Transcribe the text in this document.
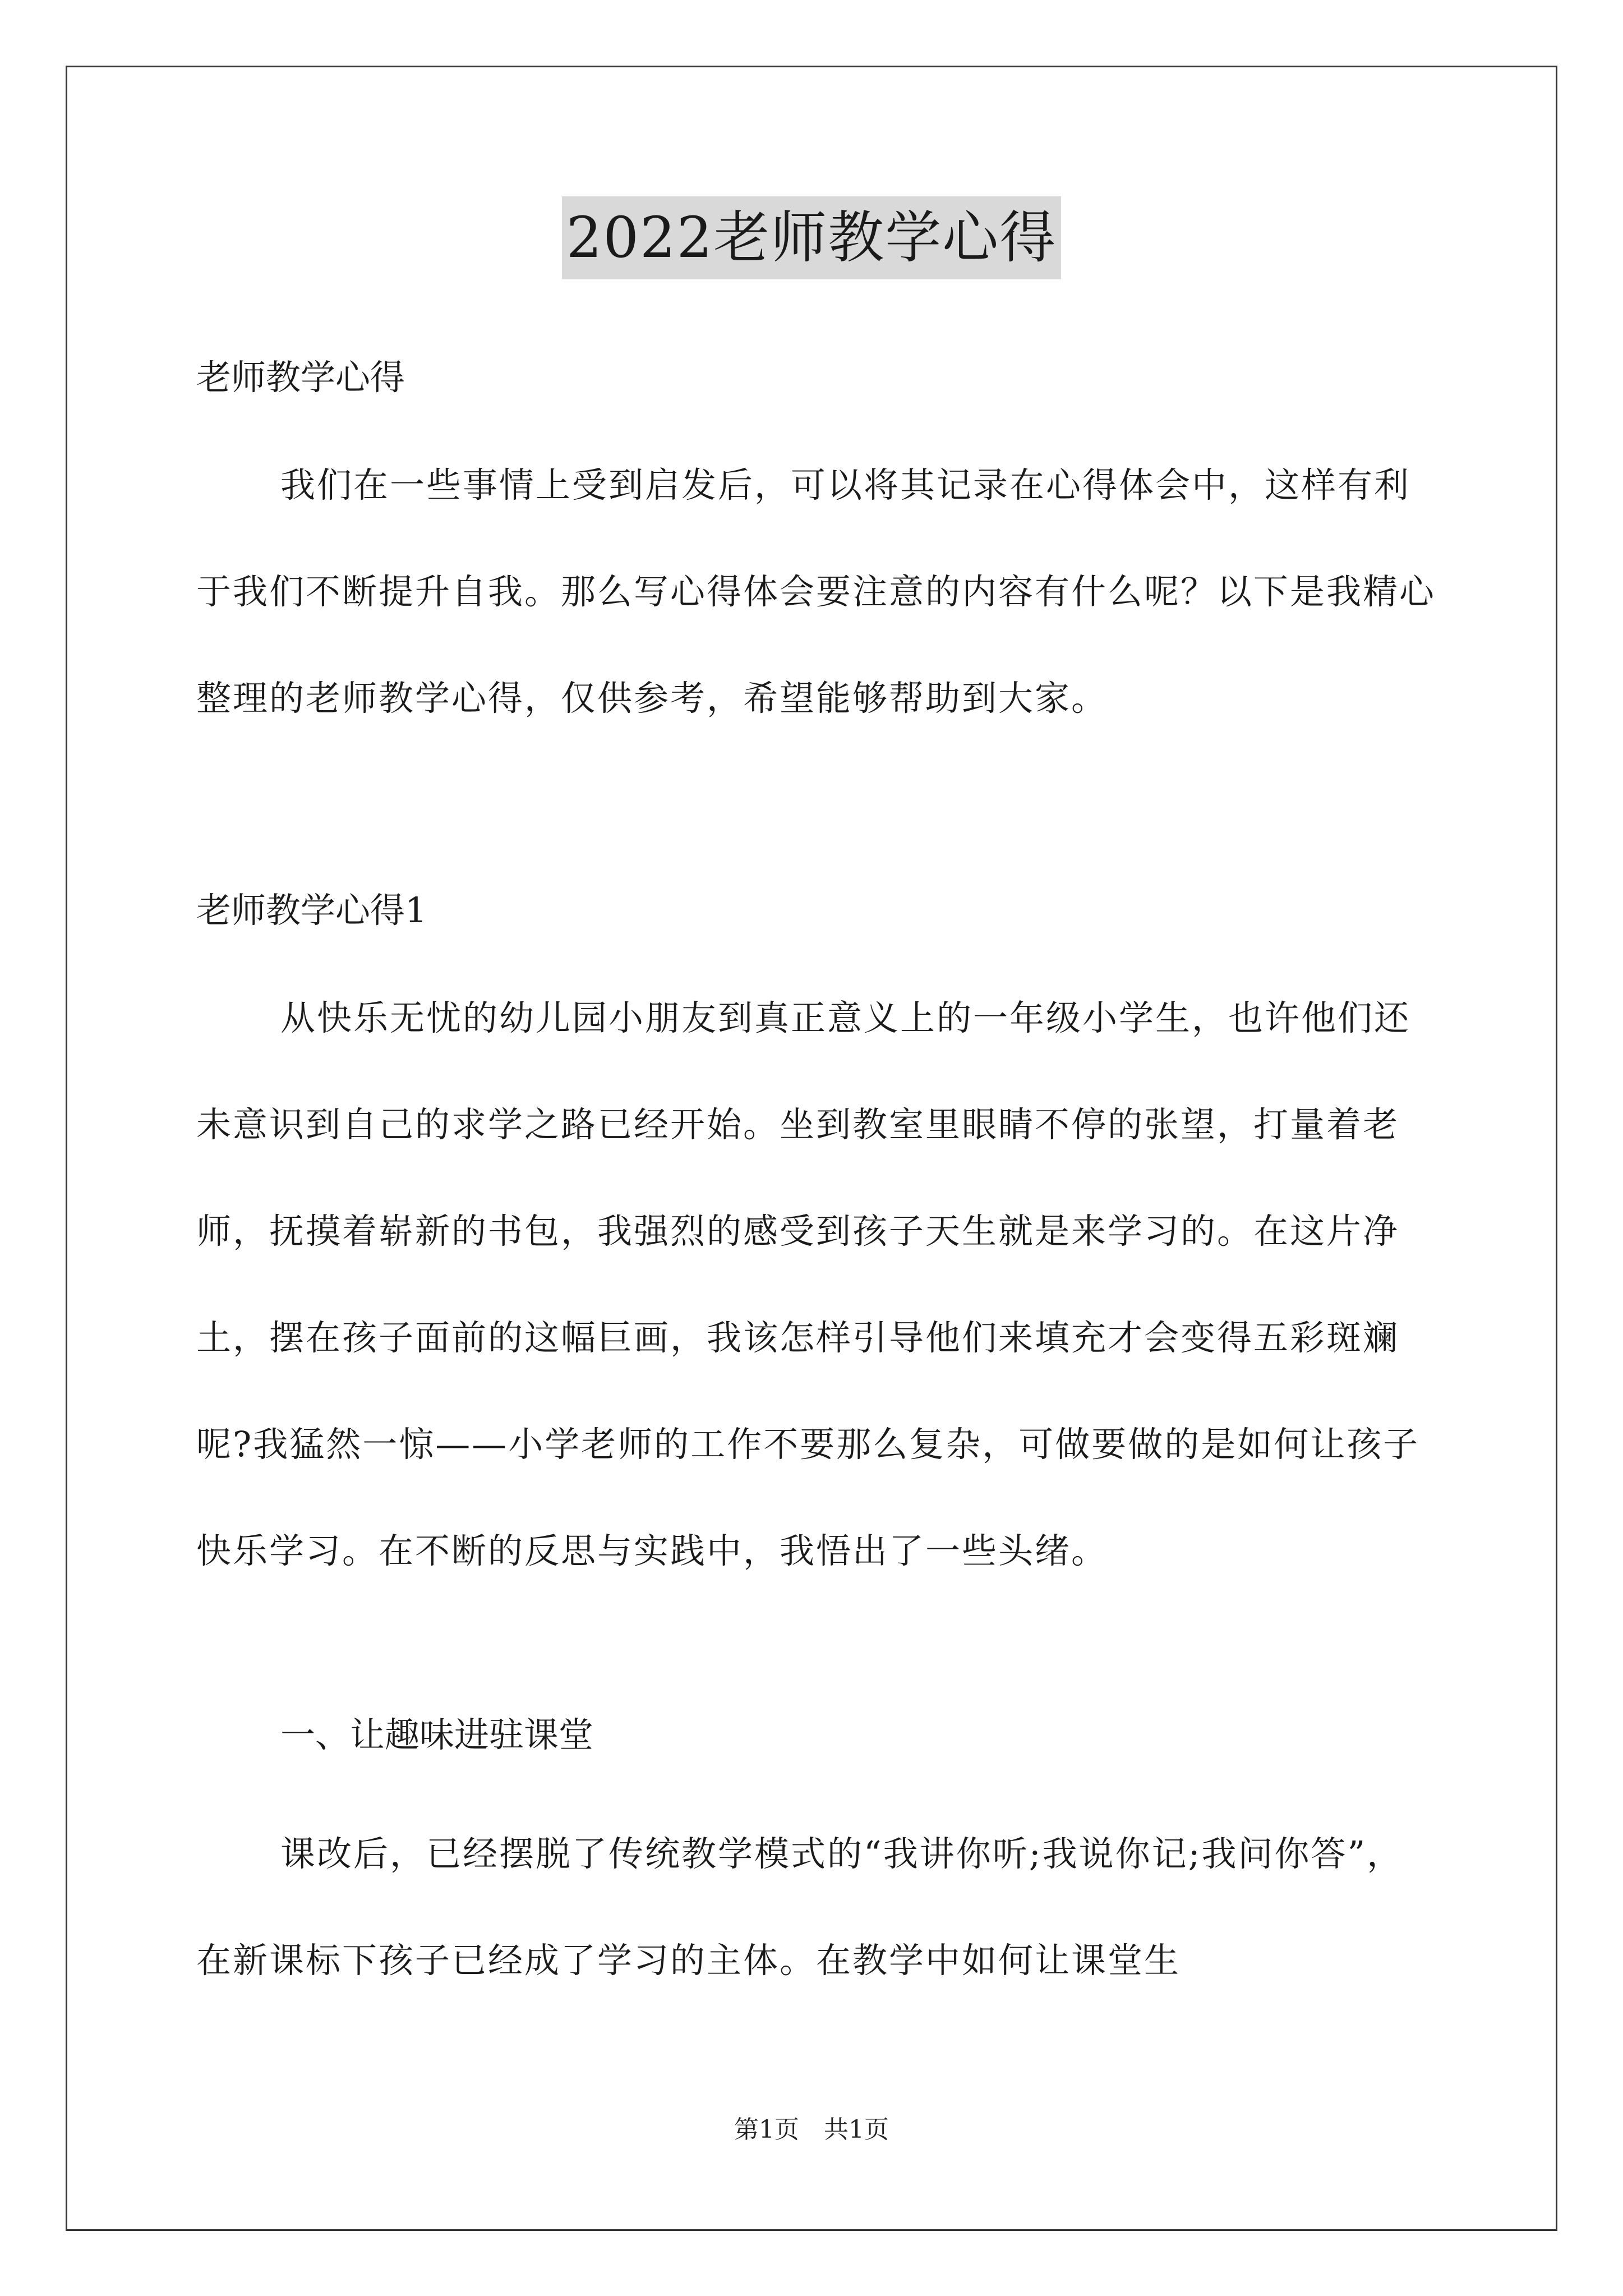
2022老师教学心得

老师教学心得

我们在一些事情上受到启发后，可以将其记录在心得体会中，这样有利于我们不断提升自我。那么写心得体会要注意的内容有什么呢？以下是我精心整理的老师教学心得，仅供参考，希望能够帮助到大家。

老师教学心得1

从快乐无忧的幼儿园小朋友到真正意义上的一年级小学生，也许他们还未意识到自己的求学之路已经开始。坐到教室里眼睛不停的张望，打量着老师，抚摸着崭新的书包，我强烈的感受到孩子天生就是来学习的。在这片净土，摆在孩子面前的这幅巨画，我该怎样引导他们来填充才会变得五彩斑斓呢?我猛然一惊——小学老师的工作不要那么复杂，可做要做的是如何让孩子快乐学习。在不断的反思与实践中，我悟出了一些头绪。

一、让趣味进驻课堂

课改后，已经摆脱了传统教学模式的“我讲你听;我说你记;我问你答”，在新课标下孩子已经成了学习的主体。在教学中如何让课堂生

第1页　共1页
